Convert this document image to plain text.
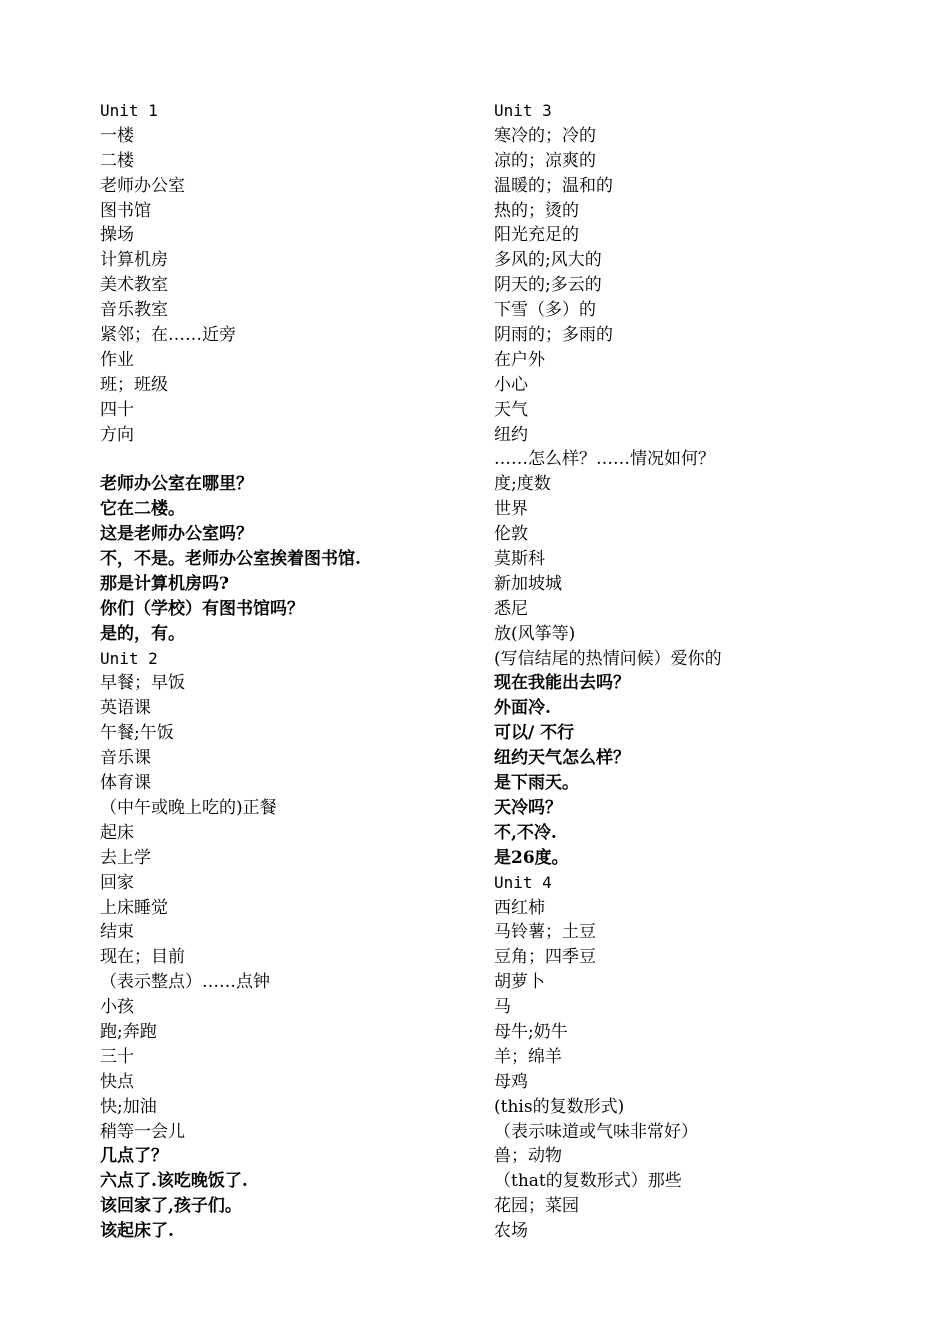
Unit 1
一楼
二楼
老师办公室
图书馆
操场
计算机房
美术教室
音乐教室
紧邻；在……近旁
作业
班；班级
四十
方向
老师办公室在哪里？
它在二楼。
这是老师办公室吗？
不，不是。老师办公室挨着图书馆.
那是计算机房吗?
你们（学校）有图书馆吗？
是的，有。
Unit 2
早餐；早饭
英语课
午餐;午饭
音乐课
体育课
（中午或晚上吃的)正餐
起床
去上学
回家
上床睡觉
结束
现在；目前
（表示整点）……点钟
小孩
跑;奔跑
三十
快点
快;加油
稍等一会儿
几点了？
六点了.该吃晚饭了.
该回家了,孩子们。
该起床了.
Unit 3
寒冷的；冷的
凉的；凉爽的
温暖的；温和的
热的；烫的
阳光充足的
多风的;风大的
阴天的;多云的
下雪（多）的
阴雨的；多雨的
在户外
小心
天气
纽约
……怎么样？……情况如何？
度;度数
世界
伦敦
莫斯科
新加坡城
悉尼
放(风筝等)
(写信结尾的热情问候）爱你的
现在我能出去吗？
外面冷.
可以/ 不行
纽约天气怎么样？
是下雨天。
天冷吗？
不,不冷.
是26度。
Unit 4
西红柿
马铃薯；土豆
豆角；四季豆
胡萝卜
马
母牛;奶牛
羊；绵羊
母鸡
(this的复数形式)
（表示味道或气味非常好）
兽；动物
（that的复数形式）那些
花园；菜园
农场
